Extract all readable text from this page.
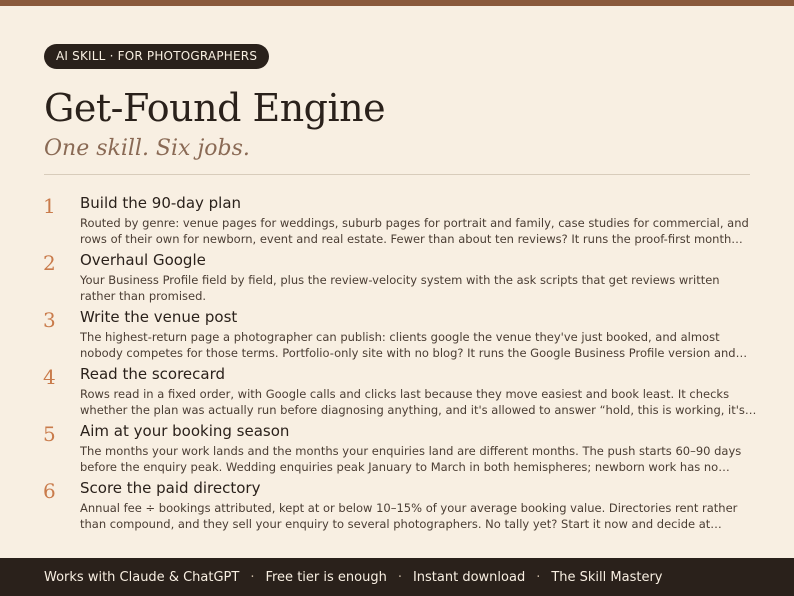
AI SKILL · FOR PHOTOGRAPHERS
Get-Found Engine

One skill. Six jobs.

1	Build the 90-day plan
Routed by genre: venue pages for weddings, suburb pages for portrait and family, case studies for commercial, and rows of their own for newborn, event and real estate. Fewer than about ten reviews? It runs the proof-first month…
2	Overhaul Google
Your Business Profile field by field, plus the review-velocity system with the ask scripts that get reviews written rather than promised.
3	Write the venue post
The highest-return page a photographer can publish: clients google the venue they've just booked, and almost nobody competes for those terms. Portfolio-only site with no blog? It runs the Google Business Profile version and…
4	Read the scorecard
Rows read in a fixed order, with Google calls and clicks last because they move easiest and book least. It checks whether the plan was actually run before diagnosing anything, and it's allowed to answer “hold, this is working, it's…
5	Aim at your booking season
The months your work lands and the months your enquiries land are different months. The push starts 60–90 days before the enquiry peak. Wedding enquiries peak January to March in both hemispheres; newborn work has no…
6	Score the paid directory
Annual fee ÷ bookings attributed, kept at or below 10–15% of your average booking value. Directories rent rather than compound, and they sell your enquiry to several photographers. No tally yet? Start it now and decide at…
Works with Claude & ChatGPT · Free tier is enough · Instant download · The Skill Mastery
